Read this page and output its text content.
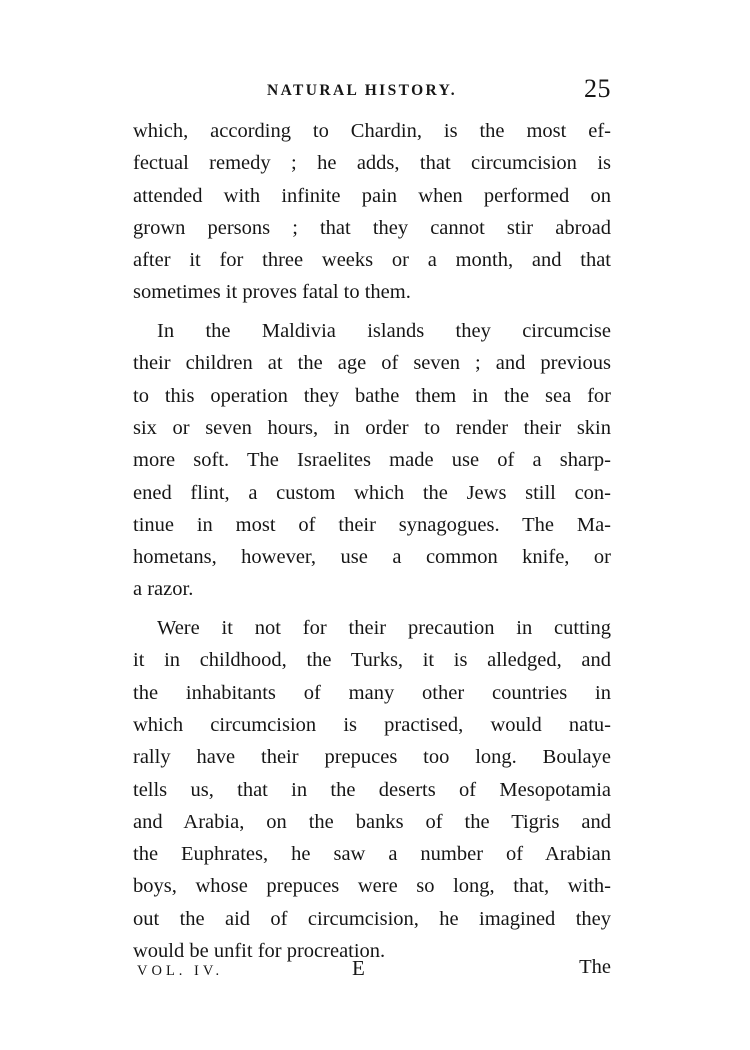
NATURAL HISTORY.	25
which, according to Chardin, is the most ef-
fectual remedy ; he adds, that circumcision is
attended with infinite pain when performed on
grown persons ; that they cannot stir abroad
after it for three weeks or a month, and that
sometimes it proves fatal to them.
In the Maldivia islands they circumcise
their children at the age of seven ; and previous
to this operation they bathe them in the sea for
six or seven hours, in order to render their skin
more soft. The Israelites made use of a sharp-
ened flint, a custom which the Jews still con-
tinue in most of their synagogues. The Ma-
hometans, however, use a common knife, or
a razor.
Were it not for their precaution in cutting
it in childhood, the Turks, it is alledged, and
the inhabitants of many other countries in
which circumcision is practised, would natu-
rally have their prepuces too long. Boulaye
tells us, that in the deserts of Mesopotamia
and Arabia, on the banks of the Tigris and
the Euphrates, he saw a number of Arabian
boys, whose prepuces were so long, that, with-
out the aid of circumcision, he imagined they
would be unfit for procreation.
VOL. IV.	E	The
